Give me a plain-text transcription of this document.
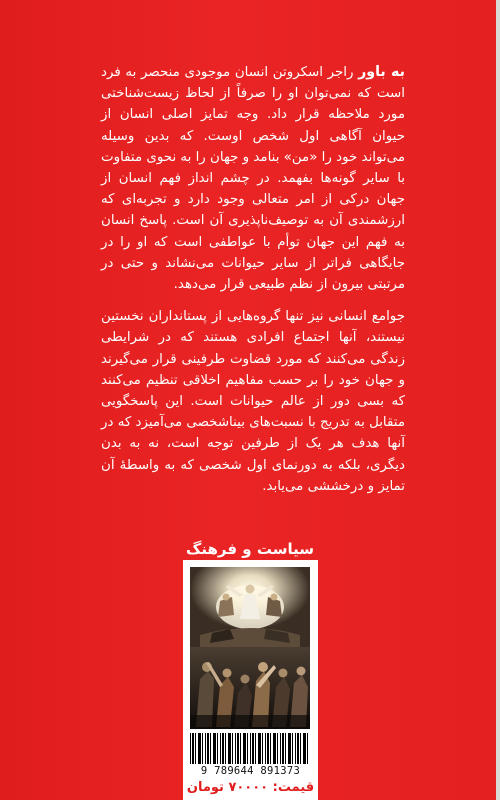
به باور راجر اسکروتن انسان موجودی منحصر به فرد است که نمی‌توان او را صرفاً از لحاظ زیست‌شناختی مورد ملاحظه قرار داد. وجه تمایز اصلی انسان از حیوان آگاهی اول شخص اوست. که بدین وسیله می‌تواند خود را «من» بنامد و جهان را به نحوی متفاوت با سایر گونه‌ها بفهمد. در چشم انداز فهم انسان از جهان درکی از امر متعالی وجود دارد و تجربه‌ای که ارزشمندی آن به توصیف‌ناپذیری آن است. پاسخ انسان به فهم این جهان توأم با عواطفی است که او را در جایگاهی فراتر از سایر حیوانات می‌نشاند و حتی در مرتبتی بیرون از نظم طبیعی قرار می‌دهد.

جوامع انسانی نیز تنها گروه‌هایی از پستانداران نخستین نیستند، آنها اجتماع افرادی هستند که در شرایطی زندگی می‌کنند که مورد قضاوت طرفینی قرار می‌گیرند و جهان خود را بر حسب مفاهیم اخلاقی تنظیم می‌کنند که بسی دور از عالم حیوانات است. این پاسخگویی متقابل به تدریج با نسبت‌های بیناشخصی می‌آمیزد که در آنها هدف هر یک از طرفین توجه است، نه به بدن دیگری، بلکه به دورنمای اول شخصی که به واسطهٔ آن تمایز و درخششی می‌یابد.

سیاست و فرهنگ
9 789644 891373
قیمت: ۷۰۰۰۰ تومان
